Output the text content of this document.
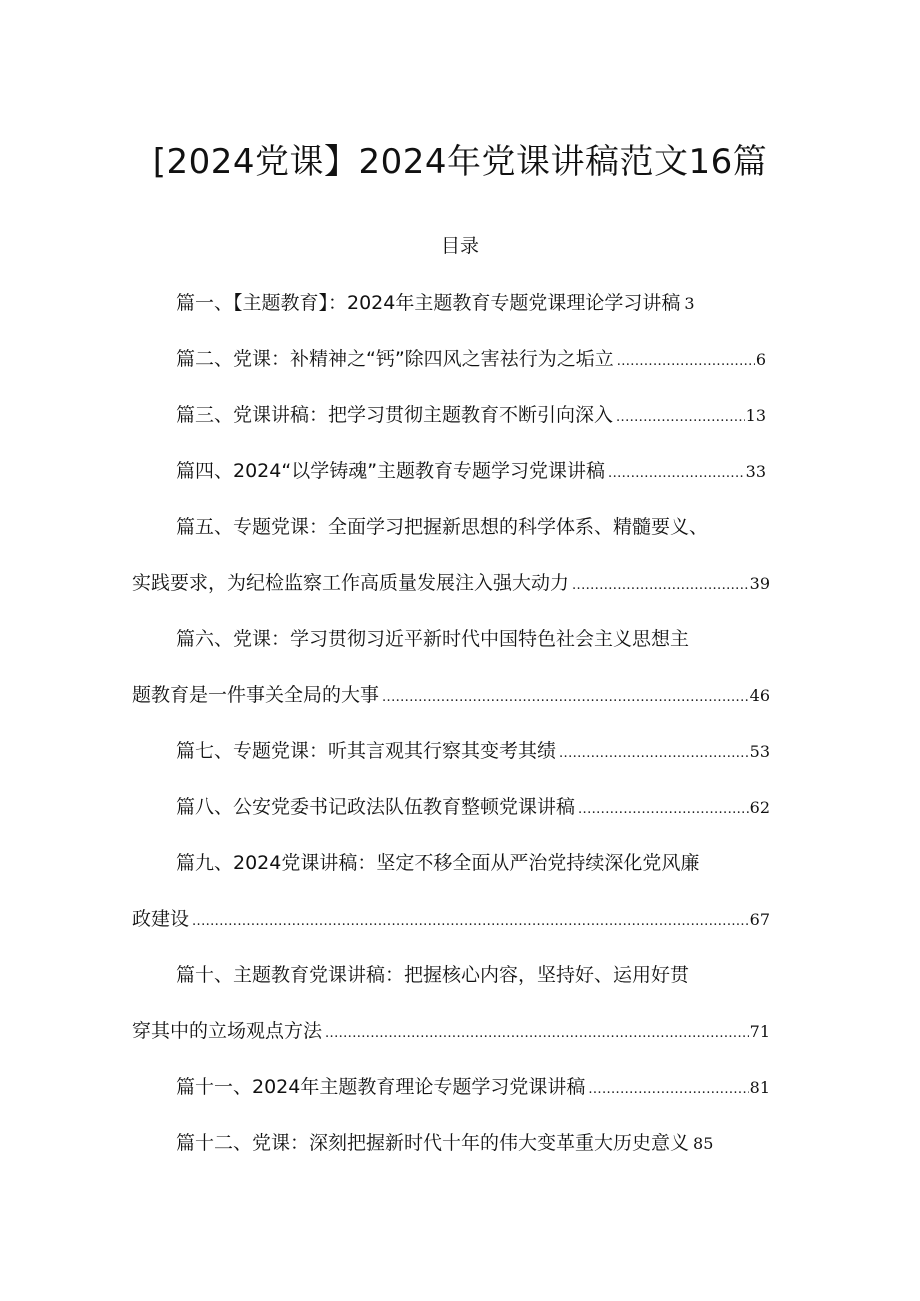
[2024党课】2024年党课讲稿范文16篇
目录
篇一、【主题教育】：2024年主题教育专题党课理论学习讲稿 3
篇二、党课：补精神之“钙”除四风之害祛行为之垢立 .....	6
篇三、党课讲稿：把学习贯彻主题教育不断引向深入 .....	13
篇四、2024“以学铸魂”主题教育专题学习党课讲稿 .....	33
篇五、专题党课：全面学习把握新思想的科学体系、精髓要义、
实践要求，为纪检监察工作高质量发展注入强大动力 .....	39
篇六、党课：学习贯彻习近平新时代中国特色社会主义思想主
题教育是一件事关全局的大事 .....	46
篇七、专题党课：听其言观其行察其变考其绩 .....	53
篇八、公安党委书记政法队伍教育整顿党课讲稿 .....	62
篇九、2024党课讲稿：坚定不移全面从严治党持续深化党风廉
政建设 .....	67
篇十、主题教育党课讲稿：把握核心内容，坚持好、运用好贯
穿其中的立场观点方法 .....	71
篇十一、2024年主题教育理论专题学习党课讲稿 .....	81
篇十二、党课：深刻把握新时代十年的伟大变革重大历史意义 85
